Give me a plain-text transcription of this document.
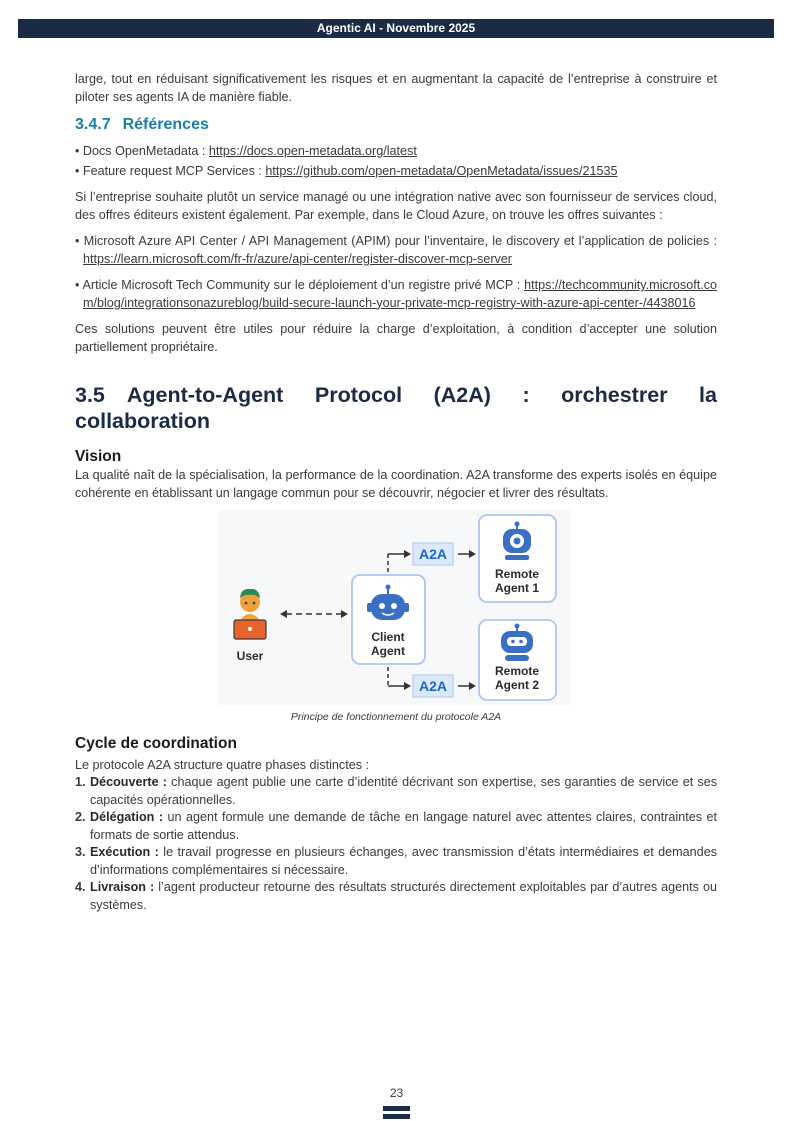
Agentic AI - Novembre 2025

large, tout en réduisant significativement les risques et en augmentant la capacité de l’entreprise à construire et piloter ses agents IA de manière fiable.

3.4.7 Références
• Docs OpenMetadata : https://docs.open-metadata.org/latest
• Feature request MCP Services : https://github.com/open-metadata/OpenMetadata/issues/21535

Si l’entreprise souhaite plutôt un service managé ou une intégration native avec son fournisseur de services cloud, des offres éditeurs existent également. Par exemple, dans le Cloud Azure, on trouve les offres suivantes :

• Microsoft Azure API Center / API Management (APIM) pour l’inventaire, le discovery et l’application de policies : https://learn.microsoft.com/fr-fr/azure/api-center/register-discover-mcp-server
• Article Microsoft Tech Community sur le déploiement d’un registre privé MCP : https://techcommunity.microsoft.com/blog/integrationsonazureblog/build-secure-launch-your-private-mcp-registry-with-azure-api-center-/4438016

Ces solutions peuvent être utiles pour réduire la charge d’exploitation, à condition d’accepter une solution partiellement propriétaire.

3.5 Agent-to-Agent Protocol (A2A) : orchestrer la collaboration
Vision

La qualité naît de la spécialisation, la performance de la coordination. A2A transforme des experts isolés en équipe cohérente en établissant un langage commun pour se découvrir, négocier et livrer des résultats.

User
Client
Agent
A2A
A2A
Remote
Agent 1
Remote
Agent 2
Principe de fonctionnement du protocole A2A
Cycle de coordination
Le protocole A2A structure quatre phases distinctes :
1. Découverte : chaque agent publie une carte d’identité décrivant son expertise, ses garanties de service et ses capacités opérationnelles.
2. Délégation : un agent formule une demande de tâche en langage naturel avec attentes claires, contraintes et formats de sortie attendus.
3. Exécution : le travail progresse en plusieurs échanges, avec transmission d’états intermédiaires et demandes d’informations complémentaires si nécessaire.
4. Livraison : l’agent producteur retourne des résultats structurés directement exploitables par d’autres agents ou systèmes.
23
